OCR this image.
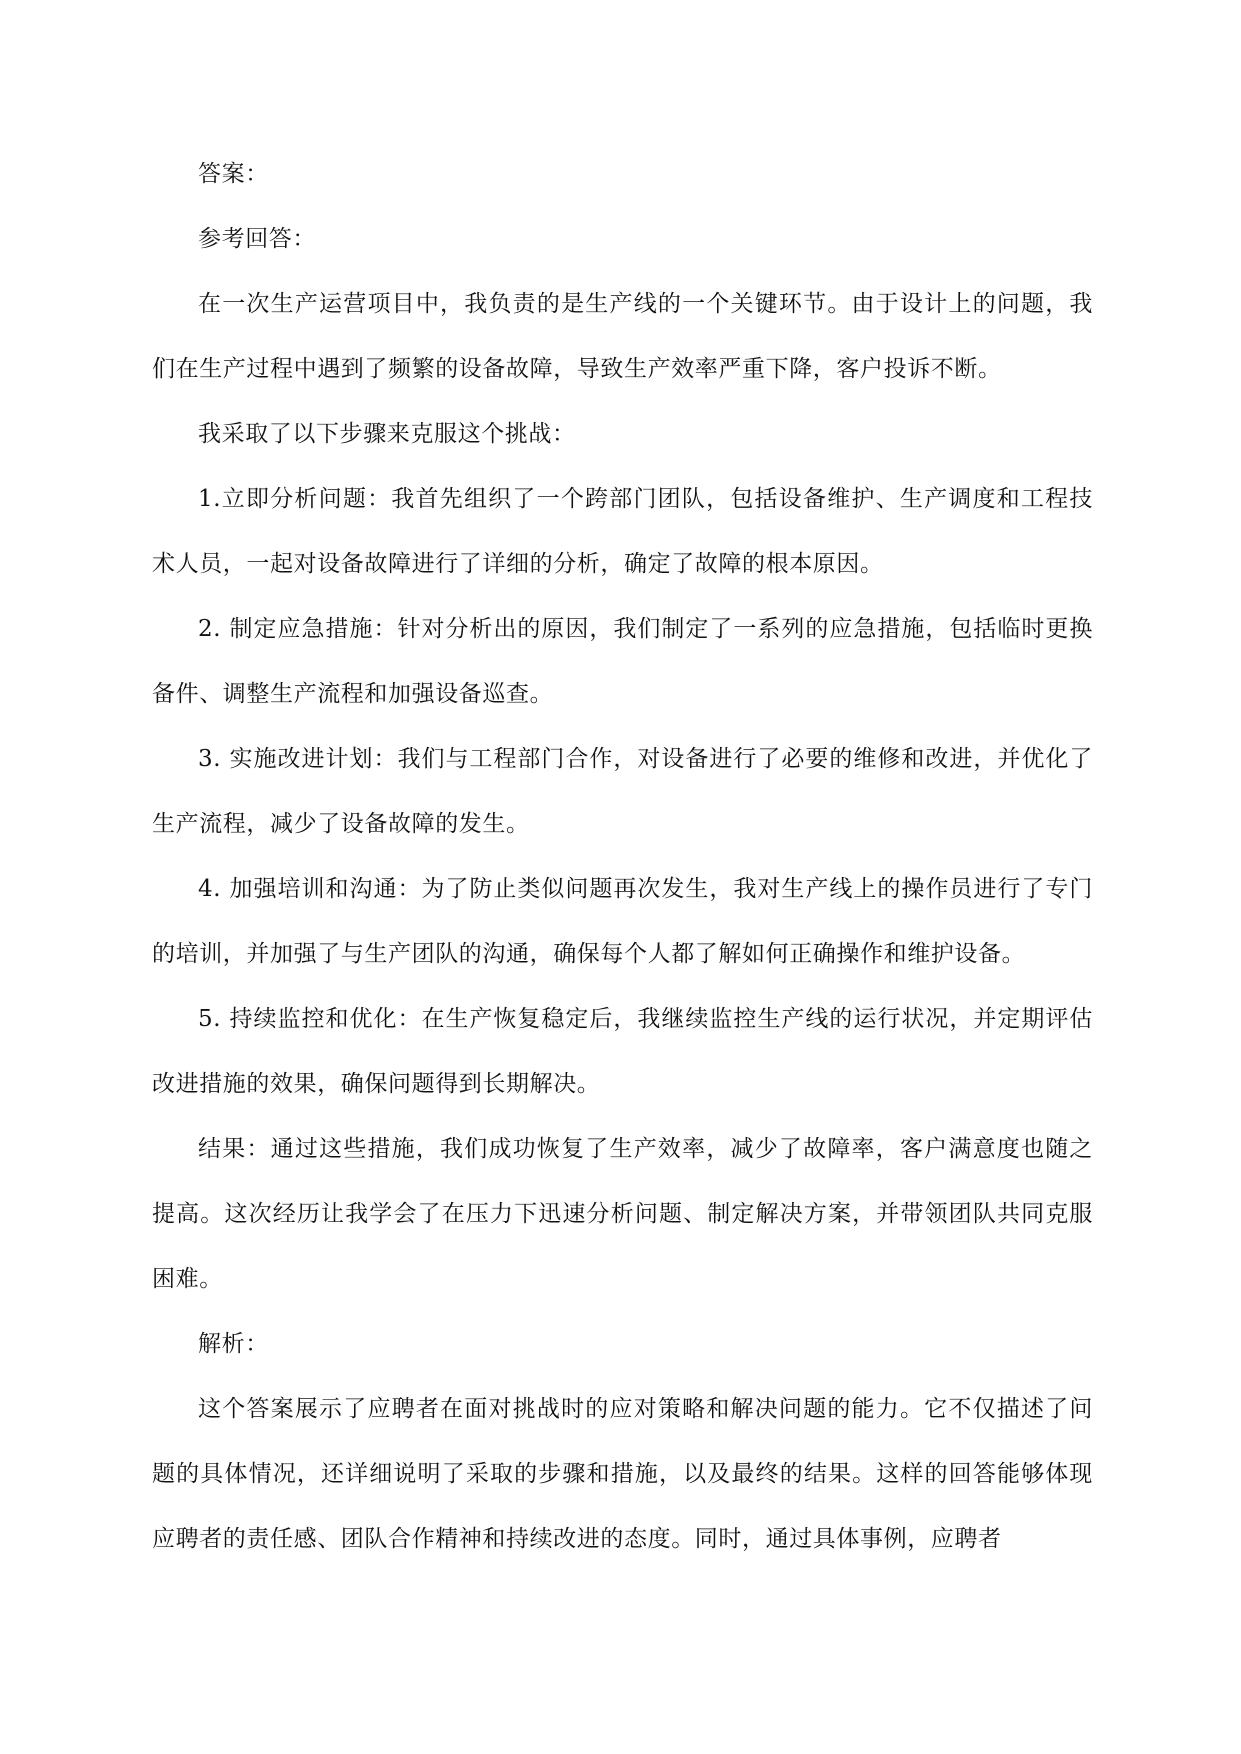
答案：

参考回答：

在一次生产运营项目中，我负责的是生产线的一个关键环节。由于设计上的问题，我们在生产过程中遇到了频繁的设备故障，导致生产效率严重下降，客户投诉不断。

我采取了以下步骤来克服这个挑战：

1.立即分析问题：我首先组织了一个跨部门团队，包括设备维护、生产调度和工程技术人员，一起对设备故障进行了详细的分析，确定了故障的根本原因。

2. 制定应急措施：针对分析出的原因，我们制定了一系列的应急措施，包括临时更换备件、调整生产流程和加强设备巡查。

3. 实施改进计划：我们与工程部门合作，对设备进行了必要的维修和改进，并优化了生产流程，减少了设备故障的发生。

4. 加强培训和沟通：为了防止类似问题再次发生，我对生产线上的操作员进行了专门的培训，并加强了与生产团队的沟通，确保每个人都了解如何正确操作和维护设备。

5. 持续监控和优化：在生产恢复稳定后，我继续监控生产线的运行状况，并定期评估改进措施的效果，确保问题得到长期解决。

结果：通过这些措施，我们成功恢复了生产效率，减少了故障率，客户满意度也随之提高。这次经历让我学会了在压力下迅速分析问题、制定解决方案，并带领团队共同克服困难。

解析：

这个答案展示了应聘者在面对挑战时的应对策略和解决问题的能力。它不仅描述了问题的具体情况，还详细说明了采取的步骤和措施，以及最终的结果。这样的回答能够体现应聘者的责任感、团队合作精神和持续改进的态度。同时，通过具体事例，应聘者
